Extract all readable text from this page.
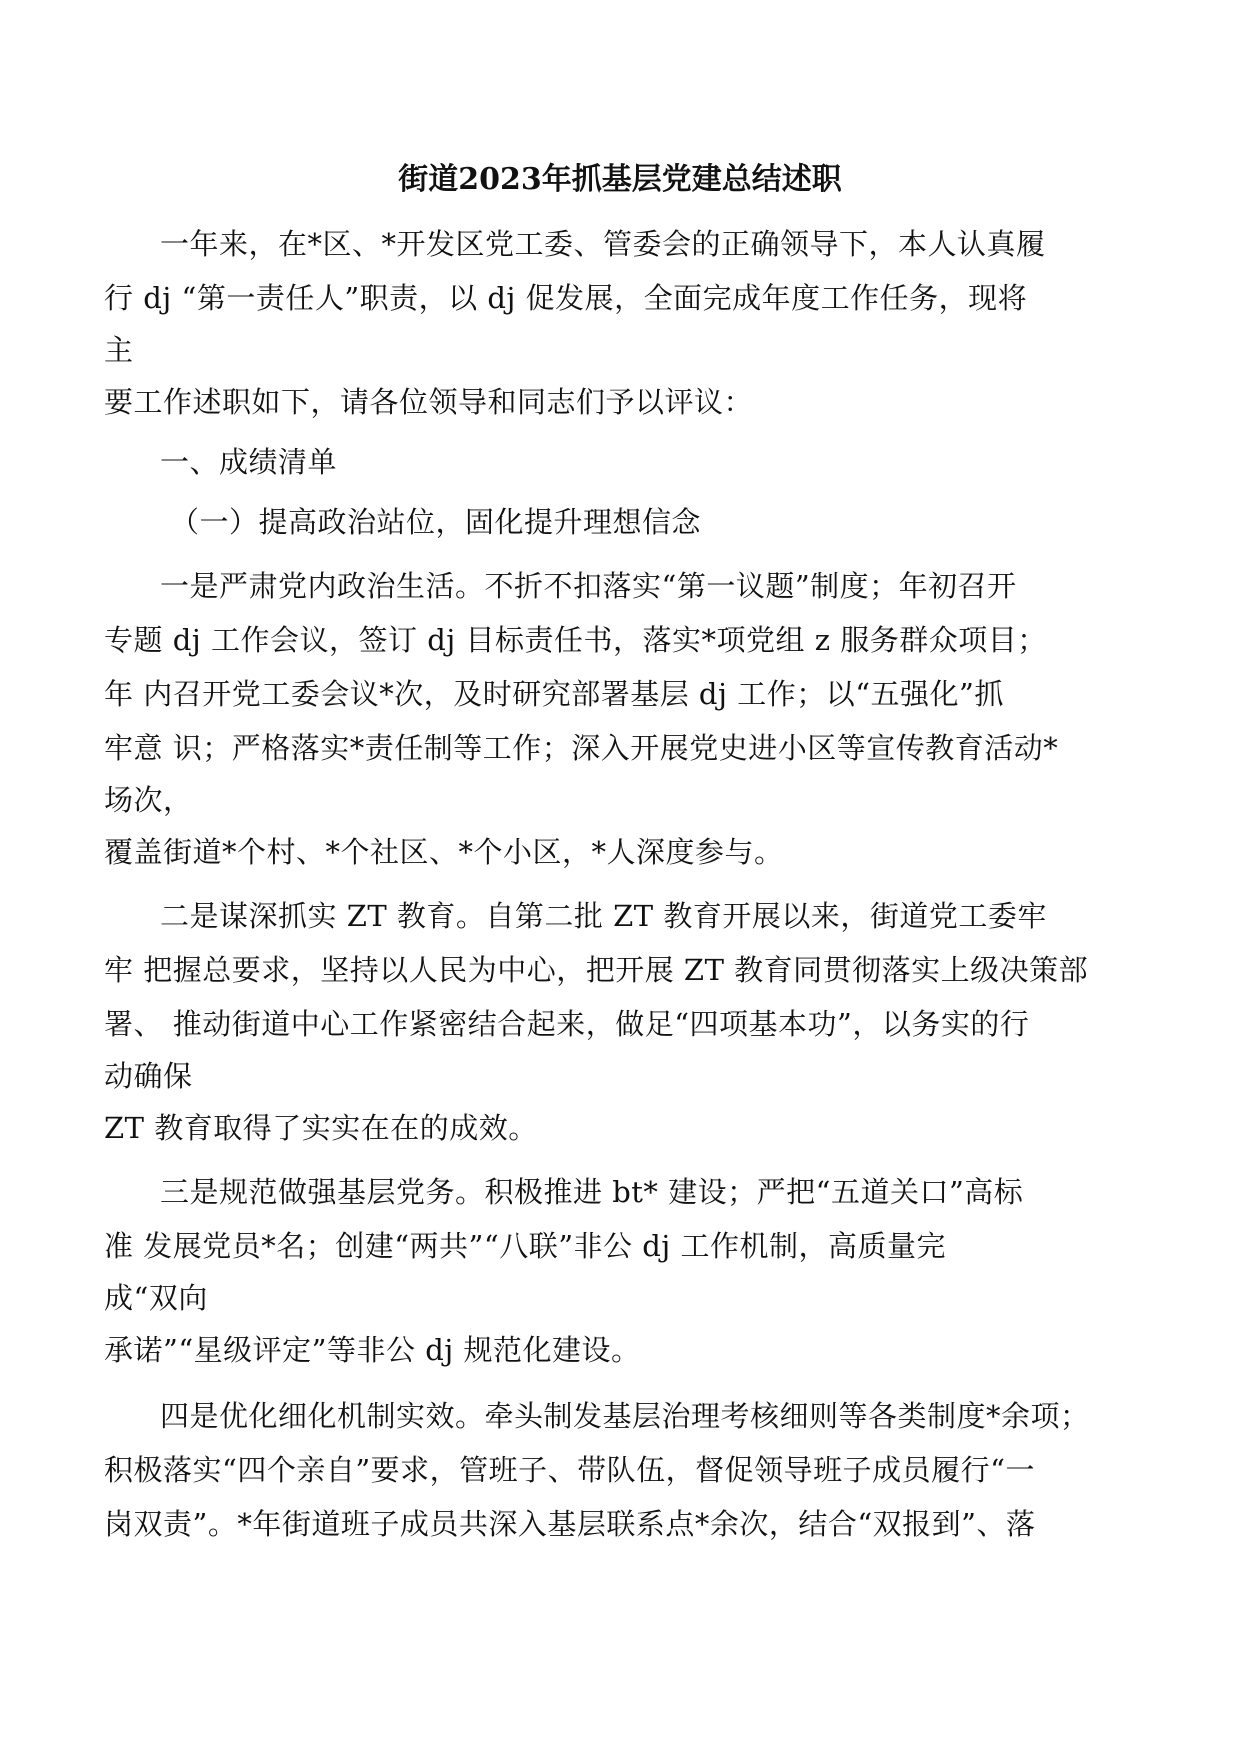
街道2023年抓基层党建总结述职
一年来，在*区、*开发区党工委、管委会的正确领导下，本人认真履
行 dj “第一责任人”职责，以 dj 促发展，全面完成年度工作任务，现将
主
要工作述职如下，请各位领导和同志们予以评议：
一、成绩清单
（一）提高政治站位，固化提升理想信念
一是严肃党内政治生活。不折不扣落实“第一议题”制度；年初召开
专题 dj 工作会议，签订 dj 目标责任书，落实*项党组 z 服务群众项目；
年 内召开党工委会议*次，及时研究部署基层 dj 工作；以“五强化”抓
牢意 识；严格落实*责任制等工作；深入开展党史进小区等宣传教育活动*
场次，
覆盖街道*个村、*个社区、*个小区，*人深度参与。
二是谋深抓实 ZT 教育。自第二批 ZT 教育开展以来，街道党工委牢
牢 把握总要求，坚持以人民为中心，把开展 ZT 教育同贯彻落实上级决策部
署、 推动街道中心工作紧密结合起来，做足“四项基本功”，以务实的行
动确保
ZT 教育取得了实实在在的成效。
三是规范做强基层党务。积极推进 bt* 建设；严把“五道关口”高标
准 发展党员*名；创建“两共”“八联”非公 dj 工作机制，高质量完
成“双向
承诺”“星级评定”等非公 dj 规范化建设。
四是优化细化机制实效。牵头制发基层治理考核细则等各类制度*余项；
积极落实“四个亲自”要求，管班子、带队伍，督促领导班子成员履行“一
岗双责”。*年街道班子成员共深入基层联系点*余次，结合“双报到”、落
